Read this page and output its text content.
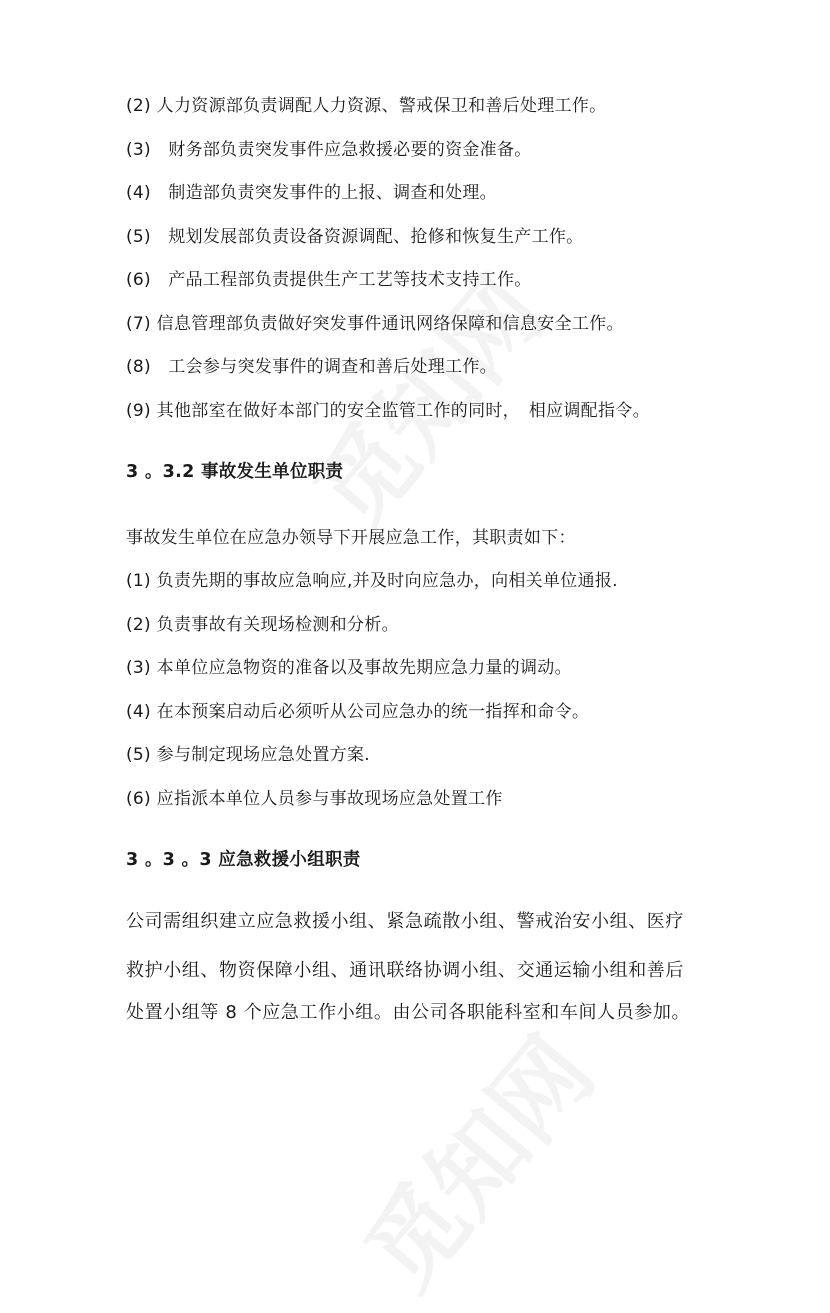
(2) 人力资源部负责调配人力资源、警戒保卫和善后处理工作。
(3)　财务部负责突发事件应急救援必要的资金准备。
(4)　制造部负责突发事件的上报、调查和处理。
(5)　规划发展部负责设备资源调配、抢修和恢复生产工作。
(6)　产品工程部负责提供生产工艺等技术支持工作。
(7) 信息管理部负责做好突发事件通讯网络保障和信息安全工作。
(8)　工会参与突发事件的调查和善后处理工作。
(9) 其他部室在做好本部门的安全监管工作的同时，　相应调配指令。
3 。3.2 事故发生单位职责
事故发生单位在应急办领导下开展应急工作，其职责如下：
(1) 负责先期的事故应急响应,并及时向应急办，向相关单位通报.
(2) 负责事故有关现场检测和分析。
(3) 本单位应急物资的准备以及事故先期应急力量的调动。
(4) 在本预案启动后必须听从公司应急办的统一指挥和命令。
(5) 参与制定现场应急处置方案.
(6) 应指派本单位人员参与事故现场应急处置工作
3 。3 。3 应急救援小组职责
公司需组织建立应急救援小组、紧急疏散小组、警戒治安小组、医疗
救护小组、物资保障小组、通讯联络协调小组、交通运输小组和善后
处置小组等 8 个应急工作小组。由公司各职能科室和车间人员参加。
